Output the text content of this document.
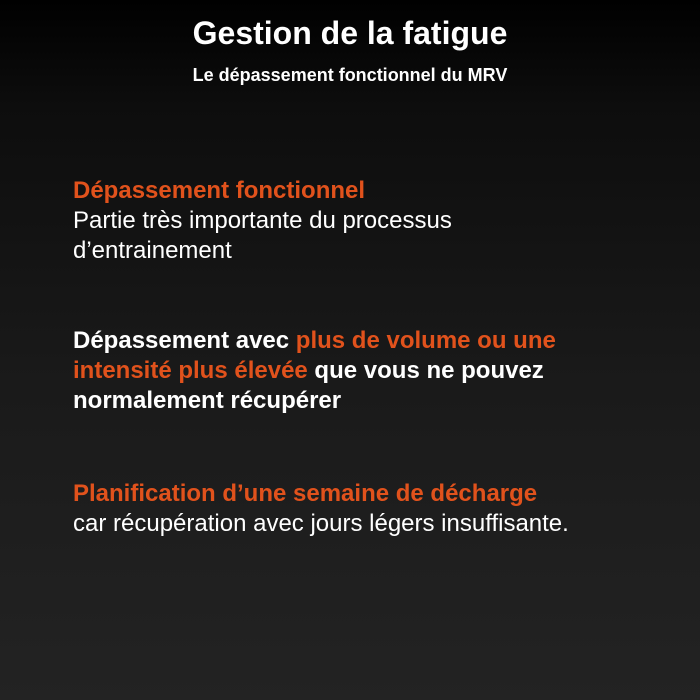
Gestion de la fatigue
Le dépassement fonctionnel du MRV
Dépassement fonctionnel
Partie très importante du processus
d’entrainement
Dépassement avec plus de volume ou une
intensité plus élevée que vous ne pouvez
normalement récupérer
Planification d’une semaine de décharge
car récupération avec jours légers insuffisante.
